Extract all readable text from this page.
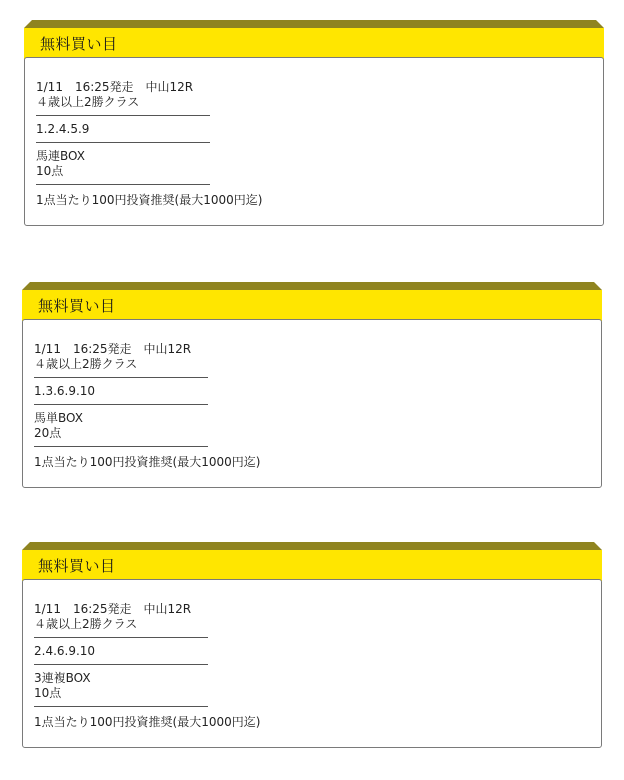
無料買い目
1/11　16:25発走　中山12R
４歳以上2勝クラス
1.2.4.5.9
馬連BOX
10点
1点当たり100円投資推奨(最大1000円迄)
無料買い目
1/11　16:25発走　中山12R
４歳以上2勝クラス
1.3.6.9.10
馬単BOX
20点
1点当たり100円投資推奨(最大1000円迄)
無料買い目
1/11　16:25発走　中山12R
４歳以上2勝クラス
2.4.6.9.10
3連複BOX
10点
1点当たり100円投資推奨(最大1000円迄)
